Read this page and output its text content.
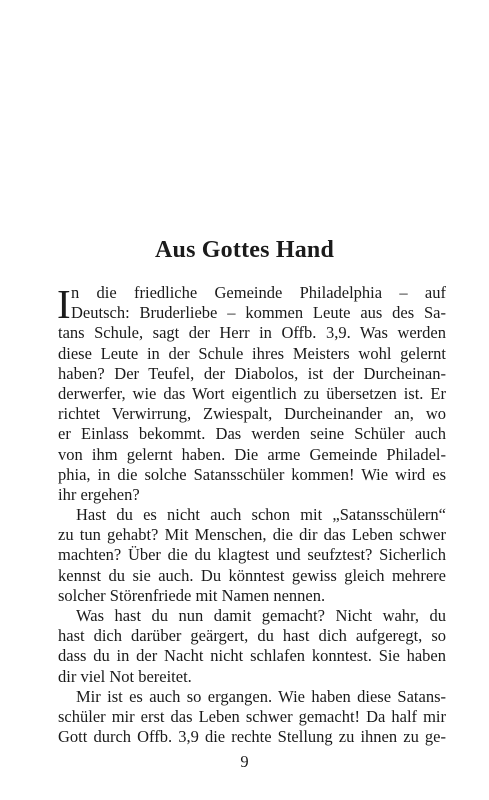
Aus Gottes Hand
I n die friedliche Gemeinde Philadelphia – auf
Deutsch: Bruderliebe – kommen Leute aus des Sa-
tans Schule, sagt der Herr in Offb. 3,9. Was werden
diese Leute in der Schule ihres Meisters wohl gelernt
haben? Der Teufel, der Diabolos, ist der Durcheinan-
derwerfer, wie das Wort eigentlich zu übersetzen ist. Er
richtet Verwirrung, Zwiespalt, Durcheinander an, wo
er Einlass bekommt. Das werden seine Schüler auch
von ihm gelernt haben. Die arme Gemeinde Philadel-
phia, in die solche Satansschüler kommen! Wie wird es
ihr ergehen?
Hast du es nicht auch schon mit „Satansschülern“
zu tun gehabt? Mit Menschen, die dir das Leben schwer
machten? Über die du klagtest und seufztest? Sicherlich
kennst du sie auch. Du könntest gewiss gleich mehrere
solcher Störenfriede mit Namen nennen.
Was hast du nun damit gemacht? Nicht wahr, du
hast dich darüber geärgert, du hast dich aufgeregt, so
dass du in der Nacht nicht schlafen konntest. Sie haben
dir viel Not bereitet.
Mir ist es auch so ergangen. Wie haben diese Satans-
schüler mir erst das Leben schwer gemacht! Da half mir
Gott durch Offb. 3,9 die rechte Stellung zu ihnen zu ge-
9
